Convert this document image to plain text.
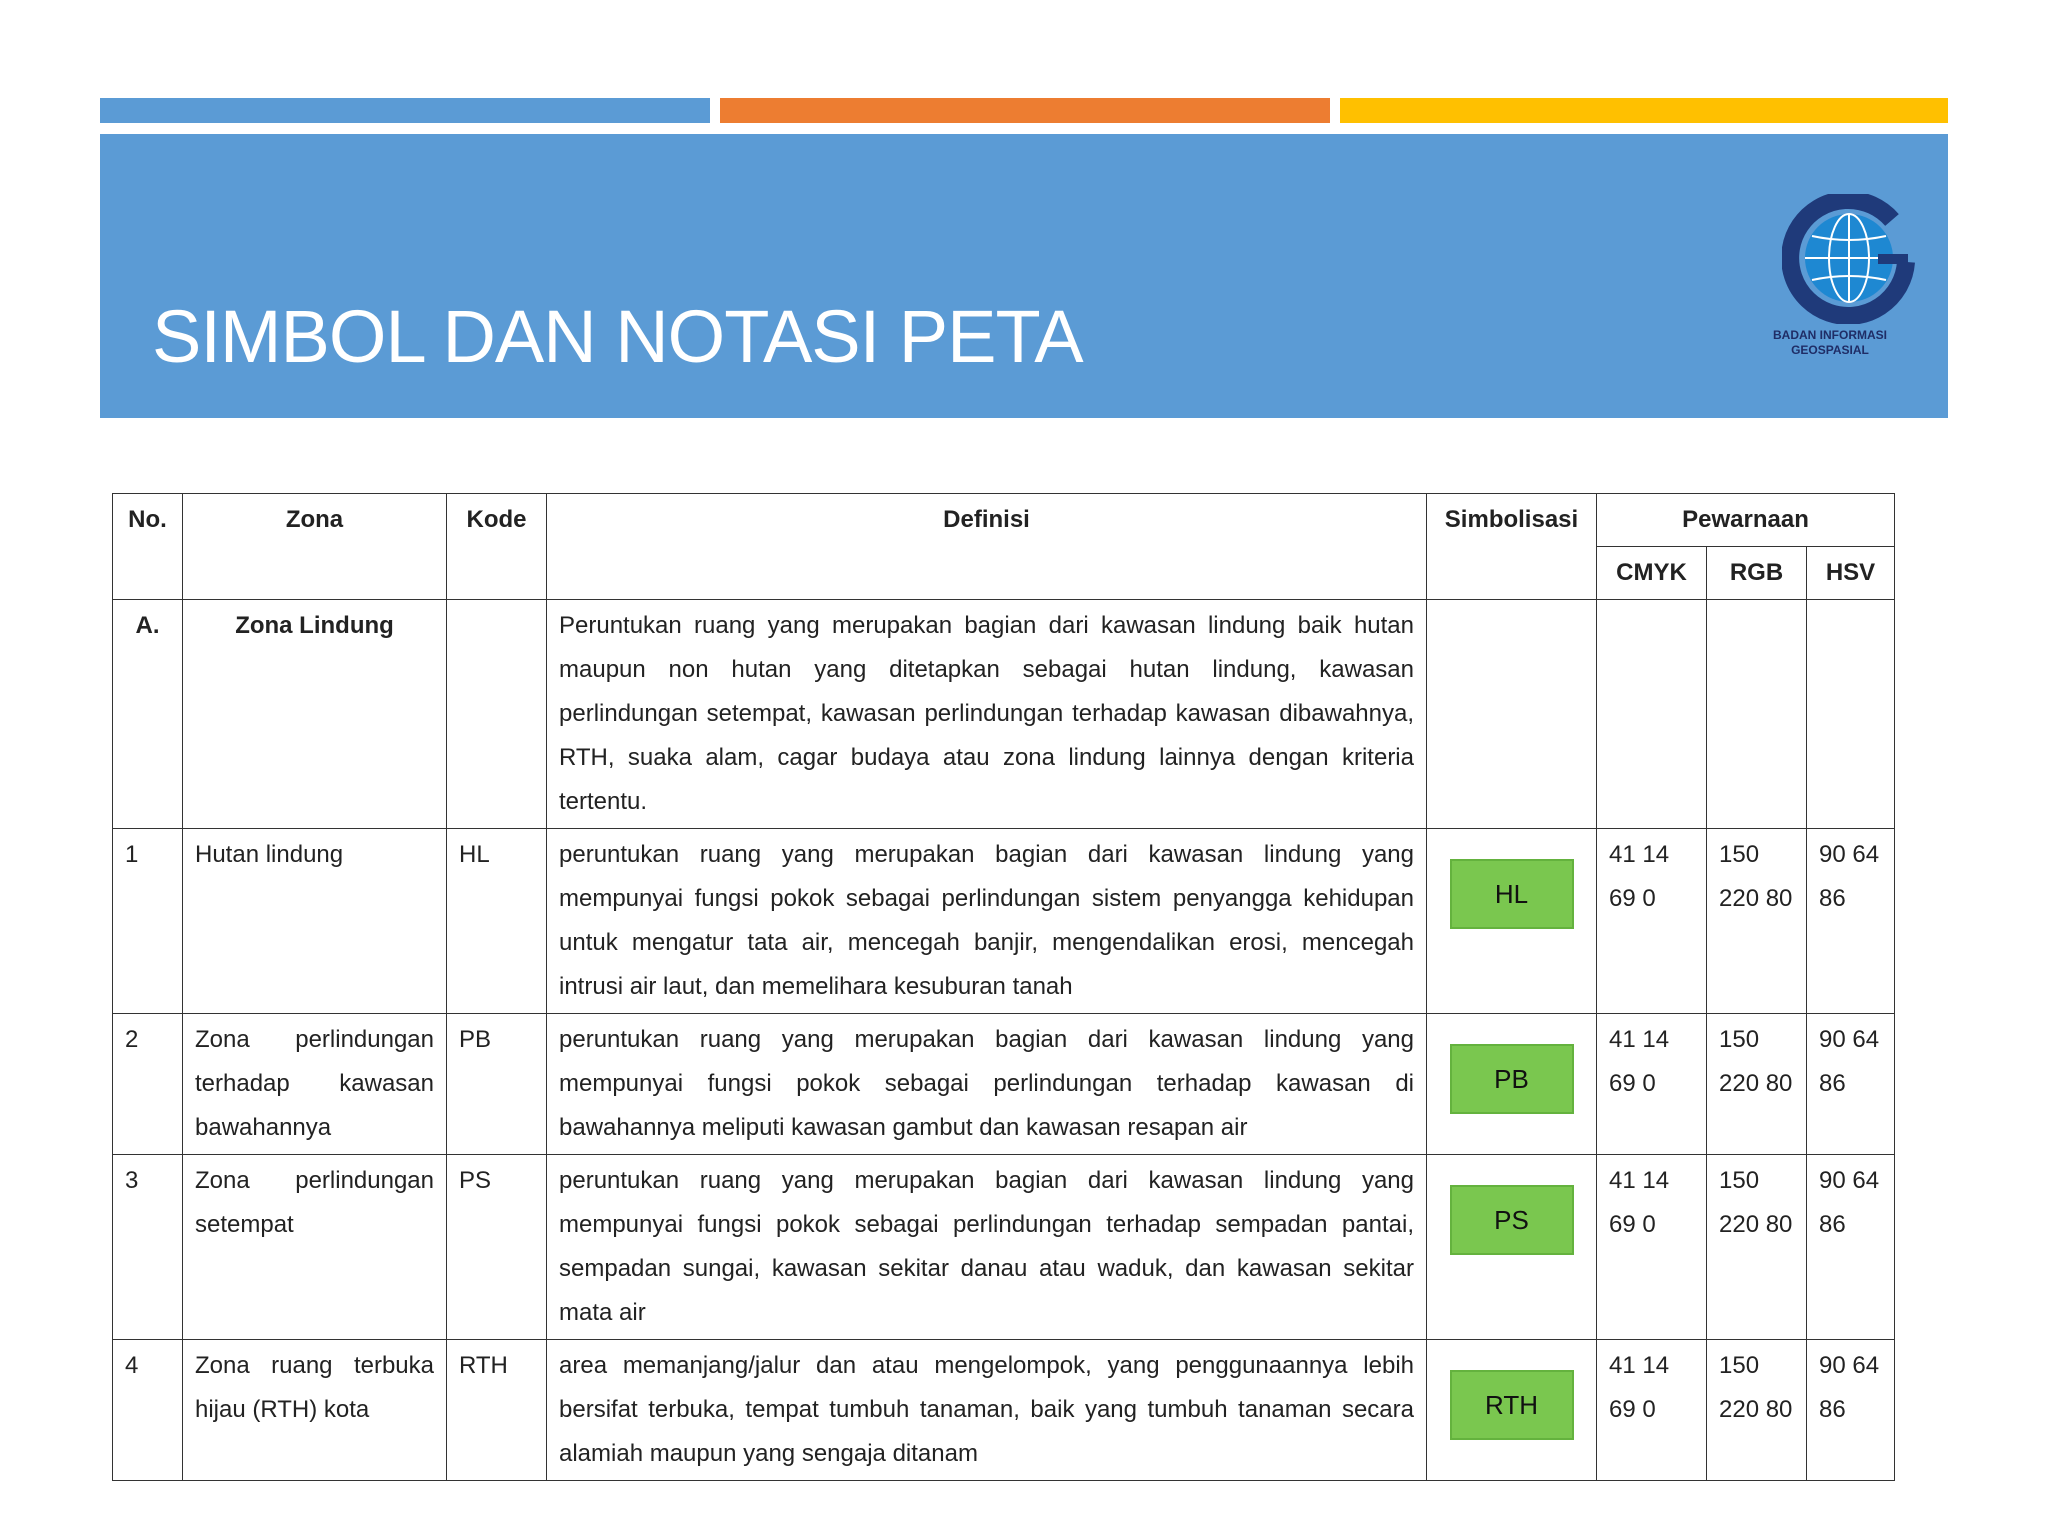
SIMBOL DAN NOTASI PETA	BADAN INFORMASI
GEOSPASIAL
No.	Zona	Kode	Definisi	Simbolisasi	Pewarnaan		
					CMYK	RGB	HSV
A.	Zona Lindung		Peruntukan ruang yang merupakan bagian dari kawasan lindung baik hutan maupun non hutan yang ditetapkan sebagai hutan lindung, kawasan perlindungan setempat, kawasan perlindungan terhadap kawasan dibawahnya, RTH, suaka alam, cagar budaya atau zona lindung lainnya dengan kriteria tertentu.				
1	Hutan lindung	HL	peruntukan ruang yang merupakan bagian dari kawasan lindung yang mempunyai fungsi pokok sebagai perlindungan sistem penyangga kehidupan untuk mengatur tata air, mencegah banjir, mengendalikan erosi, mencegah intrusi air laut, dan memelihara kesuburan tanah	HL	41 14 69 0	150 220 80	90 64 86
2	Zona perlindungan terhadap kawasan bawahannya	PB	peruntukan ruang yang merupakan bagian dari kawasan lindung yang mempunyai fungsi pokok sebagai perlindungan terhadap kawasan di bawahannya meliputi kawasan gambut dan kawasan resapan air	PB	41 14 69 0	150 220 80	90 64 86
3	Zona perlindungan setempat	PS	peruntukan ruang yang merupakan bagian dari kawasan lindung yang mempunyai fungsi pokok sebagai perlindungan terhadap sempadan pantai, sempadan sungai, kawasan sekitar danau atau waduk, dan kawasan sekitar mata air	PS	41 14 69 0	150 220 80	90 64 86
4	Zona ruang terbuka hijau (RTH) kota	RTH	area memanjang/jalur dan atau mengelompok, yang penggunaannya lebih bersifat terbuka, tempat tumbuh tanaman, baik yang tumbuh tanaman secara alamiah maupun yang sengaja ditanam	RTH	41 14 69 0	150 220 80	90 64 86
